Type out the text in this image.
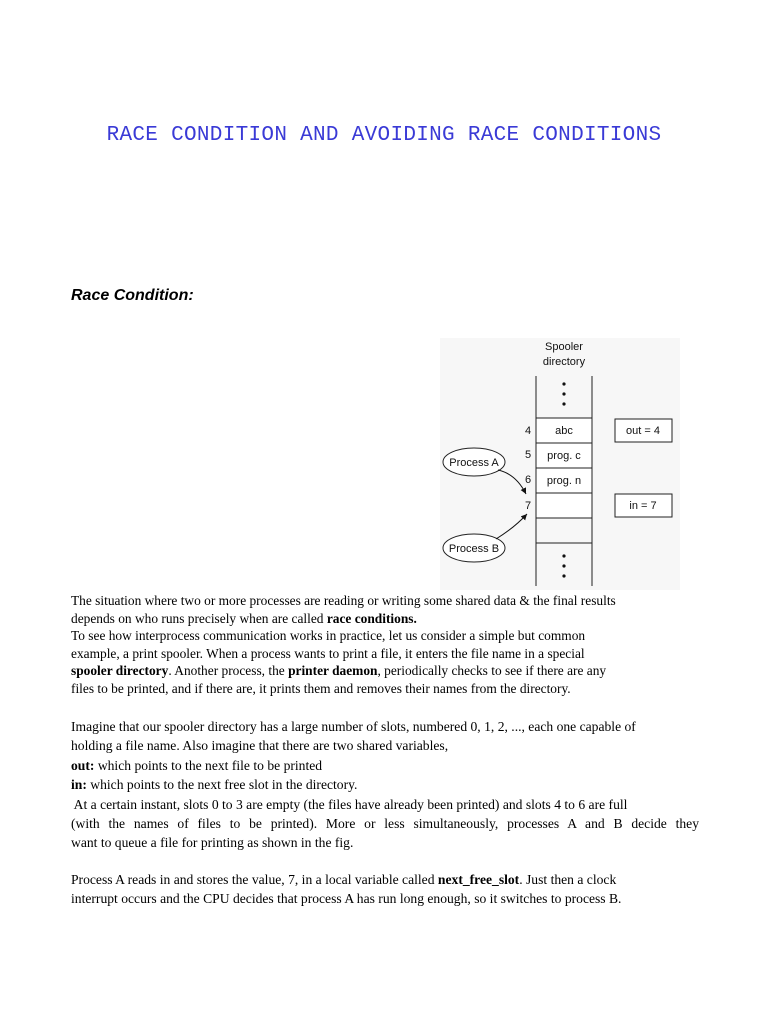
RACE CONDITION AND AVOIDING RACE CONDITIONS
Race Condition:
Spooler
directory
abc
prog. c
prog. n
4
5
6
7
out = 4
in = 7
Process A
Process B
The situation where two or more processes are reading or writing some shared data & the final results
depends on who runs precisely when are called race conditions.
To see how interprocess communication works in practice, let us consider a simple but common
example, a print spooler. When a process wants to print a file, it enters the file name in a special
spooler directory. Another process, the printer daemon, periodically checks to see if there are any
files to be printed, and if there are, it prints them and removes their names from the directory.
Imagine that our spooler directory has a large number of slots, numbered 0, 1, 2, ..., each one capable of
holding a file name. Also imagine that there are two shared variables,
out: which points to the next file to be printed
in: which points to the next free slot in the directory.
At a certain instant, slots 0 to 3 are empty (the files have already been printed) and slots 4 to 6 are full
(with the names of files to be printed). More or less simultaneously, processes A and B decide they
want to queue a file for printing as shown in the fig.
Process A reads in and stores the value, 7, in a local variable called next_free_slot. Just then a clock
interrupt occurs and the CPU decides that process A has run long enough, so it switches to process B.
